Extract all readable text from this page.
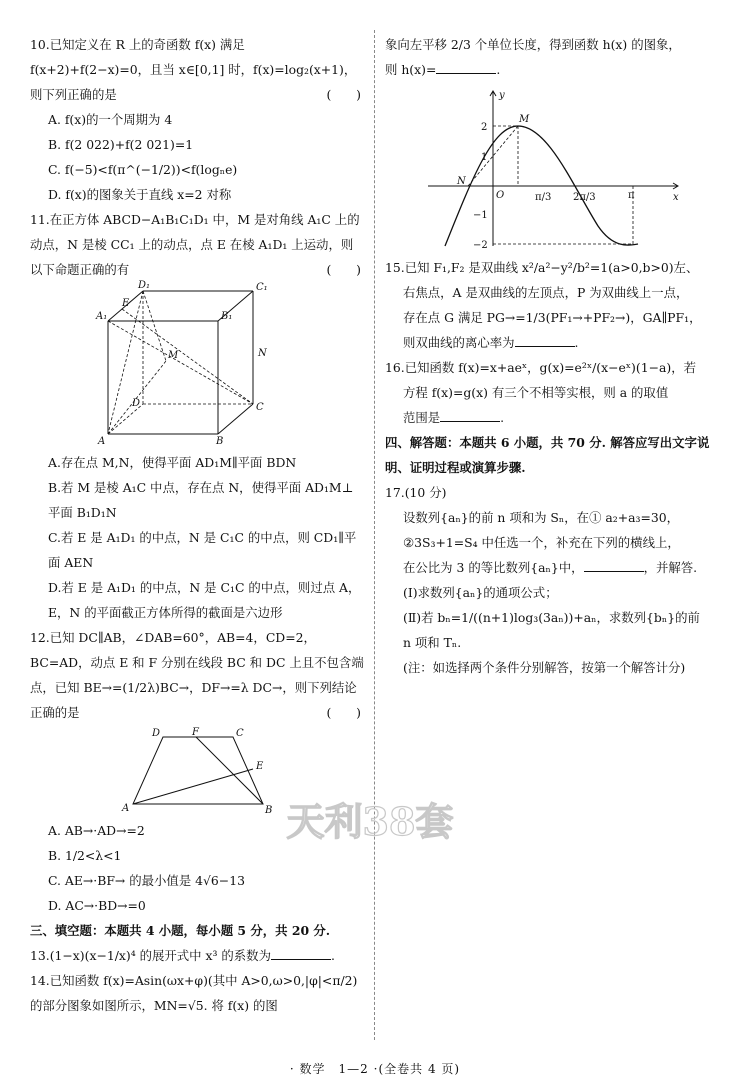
10.已知定义在 R 上的奇函数 f(x) 满足 f(x+2)+f(2−x)=0，且当 x∈[0,1] 时，f(x)=log₂(x+1)，则下列正确的是	(　　)

A. f(x)的一个周期为 4

B. f(2 022)+f(2 021)=1

C. f(−5)<f(π^(−1/2))<f(logₙe)

D. f(x)的图象关于直线 x=2 对称

11.在正方体 ABCD−A₁B₁C₁D₁ 中，M 是对角线 A₁C 上的动点，N 是棱 CC₁ 上的动点，点 E 在棱 A₁D₁ 上运动，则以下命题正确的有	(　　)

D₁	C₁
A₁	B₁
E
M	N
D	C
A	B

A.存在点 M,N，使得平面 AD₁M∥平面 BDN

B.若 M 是棱 A₁C 中点，存在点 N，使得平面 AD₁M⊥平面 B₁D₁N

C.若 E 是 A₁D₁ 的中点，N 是 C₁C 的中点，则 CD₁∥平面 AEN

D.若 E 是 A₁D₁ 的中点，N 是 C₁C 的中点，则过点 A，E，N 的平面截正方体所得的截面是六边形

12.已知 DC∥AB，∠DAB=60°，AB=4，CD=2，BC=AD，动点 E 和 F 分别在线段 BC 和 DC 上且不包含端点，已知 BE→=(1/2λ)BC→，DF→=λ DC→，则下列结论正确的是	(　　)

D	F	C
E
A	B

A. AB→·AD→=2

B. 1/2<λ<1

C. AE→·BF→ 的最小值是 4√6−13

D. AC→·BD→=0

三、填空题：本题共 4 小题，每小题 5 分，共 20 分.

13.(1−x)(x−1/x)⁴ 的展开式中 x³ 的系数为	.

14.已知函数 f(x)=Asin(ωx+φ)(其中 A>0,ω>0,|φ|<π/2)的部分图象如图所示，MN=√5. 将 f(x) 的图

象向左平移 2/3 个单位长度，得到函数 h(x) 的图象，

则 h(x)=	.

2
1
−1
−2
π/3 2π/3	π
y
x
O
M
N

15.已知 F₁,F₂ 是双曲线 x²/a²−y²/b²=1(a>0,b>0)左、

右焦点，A 是双曲线的左顶点，P 为双曲线上一点，

存在点 G 满足 PG→=1/3(PF₁→+PF₂→)，GA∥PF₁，

则双曲线的离心率为	.

16.已知函数 f(x)=x+aeˣ，g(x)=e²ˣ/(x−eˣ)(1−a)，若

方程 f(x)=g(x) 有三个不相等实根，则 a 的取值

范围是	.

四、解答题：本题共 6 小题，共 70 分. 解答应写出文字说明、证明过程或演算步骤.

17.(10 分)

设数列{aₙ}的前 n 项和为 Sₙ，在① a₂+a₃=30，

②3S₃+1=S₄ 中任选一个，补充在下列的横线上，

在公比为 3 的等比数列{aₙ}中，	，并解答.

(Ⅰ)求数列{aₙ}的通项公式；

(Ⅱ)若 bₙ=1/((n+1)log₃(3aₙ))+aₙ，求数列{bₙ}的前

n 项和 Tₙ.

(注：如选择两个条件分别解答，按第一个解答计分)

天利38套
· 数学　1—2 ·(全卷共 4 页)
